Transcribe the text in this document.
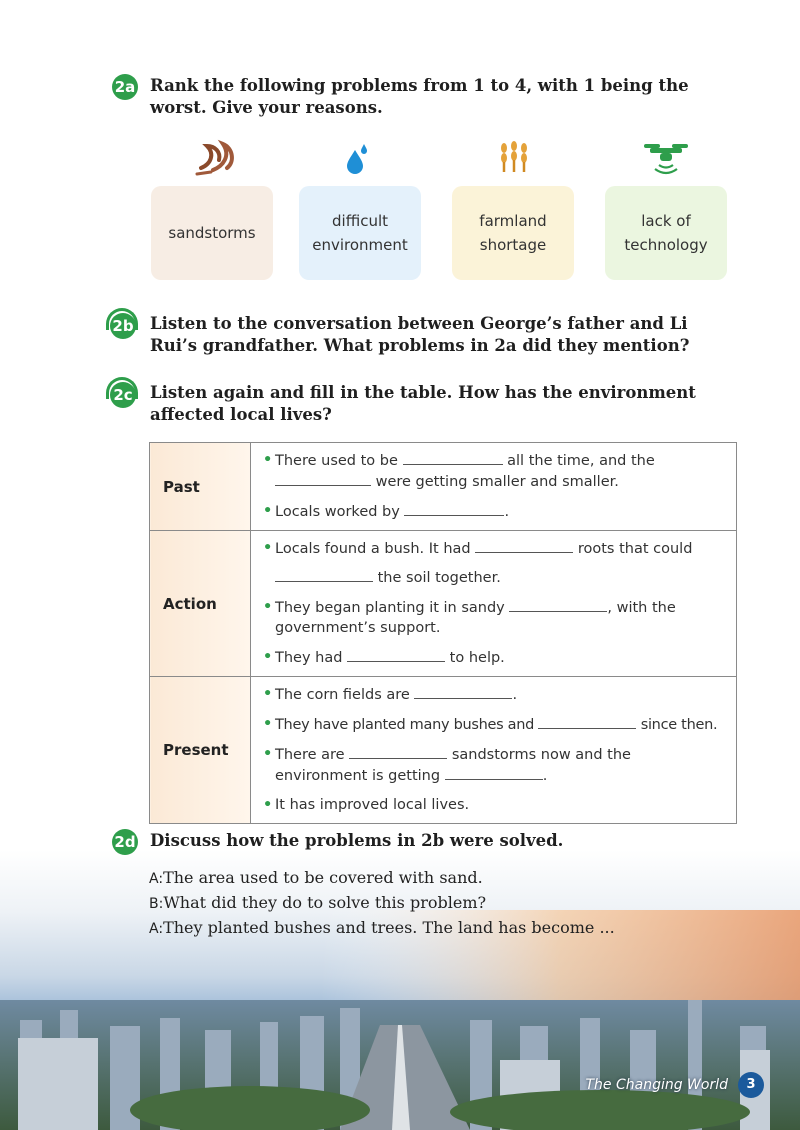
2a Rank the following problems from 1 to 4, with 1 being the worst. Give your reasons.
sandstorms
difficult environment
farmland shortage
lack of technology
2b Listen to the conversation between George’s father and Li Rui’s grandfather. What problems in 2a did they mention?
2c Listen again and fill in the table. How has the environment affected local lives?
Past	• There used to be all the time, and the  were getting smaller and smaller.
• Locals worked by .

Action	• Locals found a bush. It had roots that could
the soil together.
• They began planting it in sandy , with the government’s support.
• They had to help.

Present	• The corn fields are .
• They have planted many bushes and since then.
• There are sandstorms now and the environment is getting .
• It has improved local lives.
2d Discuss how the problems in 2b were solved.
A:The area used to be covered with sand.
B:What did they do to solve this problem?
A:They planted bushes and trees. The land has become ...
The Changing World	3
